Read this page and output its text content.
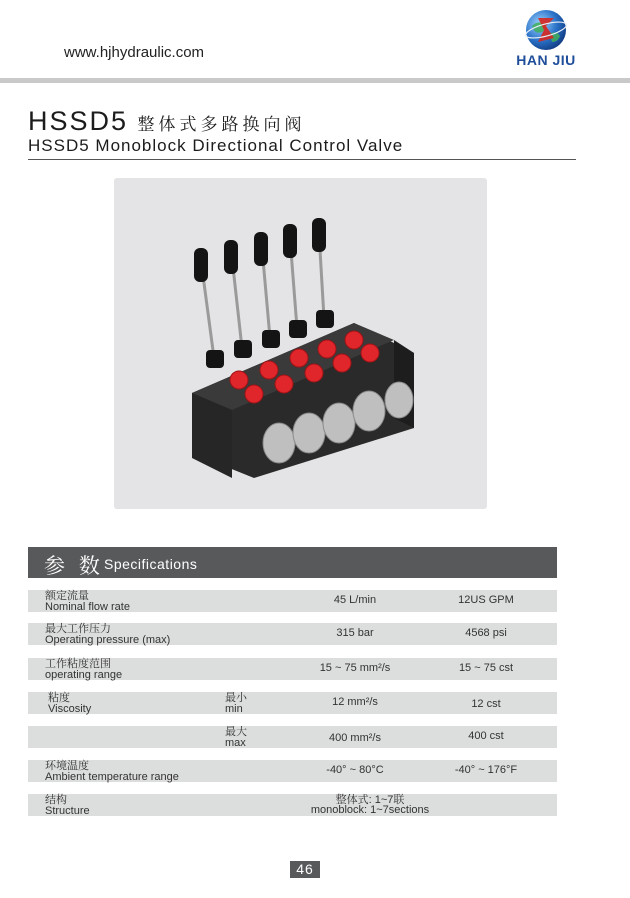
www.hjhydraulic.com	HAN JIU
HSSD5 整体式多路换向阀
HSSD5 Monoblock Directional Control Valve
参 数 Specifications
额定流量
Nominal flow rate
45 L/min	12US GPM
最大工作压力
Operating pressure (max)
315 bar	4568 psi
工作粘度范围
operating range
15 ~ 75 mm²/s	15 ~ 75 cst
粘度
Viscosity
最小
min
12 mm²/s	12 cst
最大
max	400 mm²/s	400 cst
环境温度
Ambient temperature range
-40° ~ 80°C	-40° ~ 176°F
结构
Structure
整体式: 1~7联
monoblock: 1~7sections
46
